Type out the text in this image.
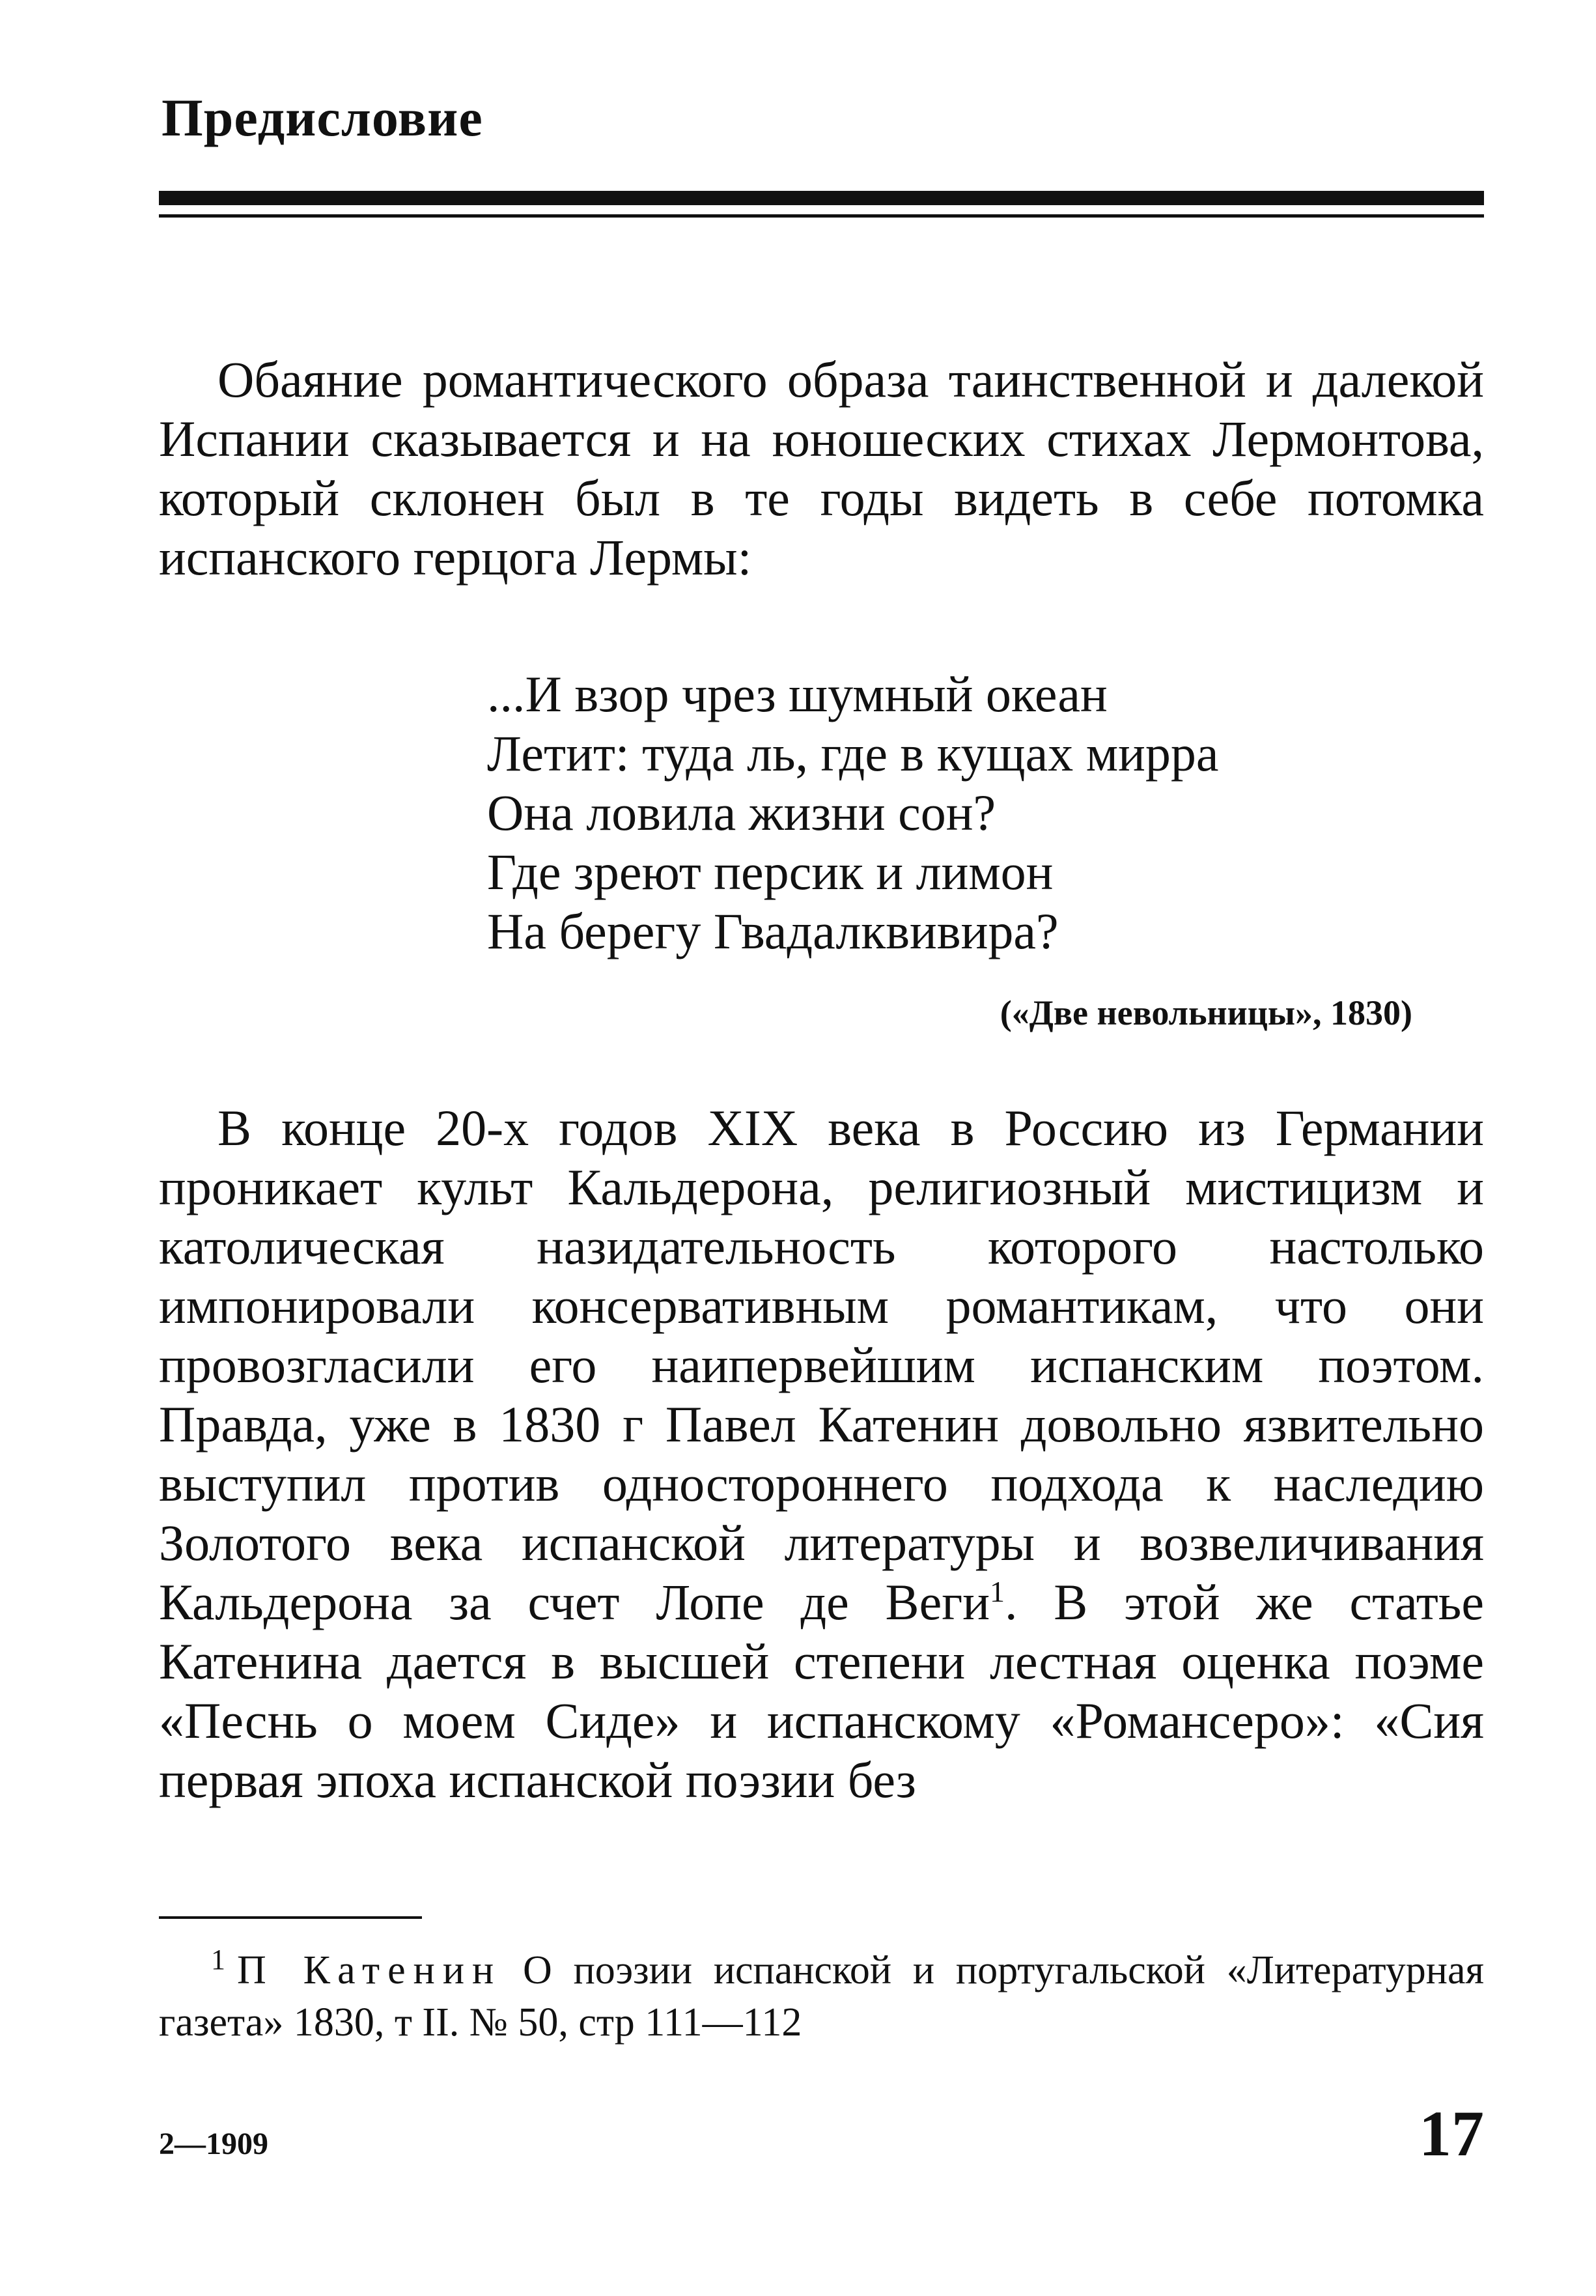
Предисловие

Обаяние романтического образа таинственной и далекой Испании сказывается и на юношеских стихах Лермонтова, который склонен был в те годы видеть в себе потомка испанского герцога Лермы:

...И взор чрез шумный океан
Летит: туда ль, где в кущах мирра
Она ловила жизни сон?
Где зреют персик и лимон
На берегу Гвадалквивира?
(«Две невольницы», 1830)

В конце 20-х годов XIX века в Россию из Германии проникает культ Кальдерона, религиозный мистицизм и католическая назидательность которого настолько импонировали консервативным романтикам, что они провозгласили его наипервейшим испанским поэтом. Правда, уже в 1830 г Павел Катенин довольно язвительно выступил против одностороннего подхода к наследию Золотого века испанской литературы и возвеличивания Кальдерона за счет Лопе де Веги$^1$. В этой же статье Катенина дается в высшей степени лестная оценка поэме «Песнь о моем Сиде» и испанскому «Романсеро»: «Сия первая эпоха испанской поэзии без

$^1$ П Катенин О поэзии испанской и португальской «Литературная газета» 1830, т II. № 50, стр 111—112

2—1909	17
